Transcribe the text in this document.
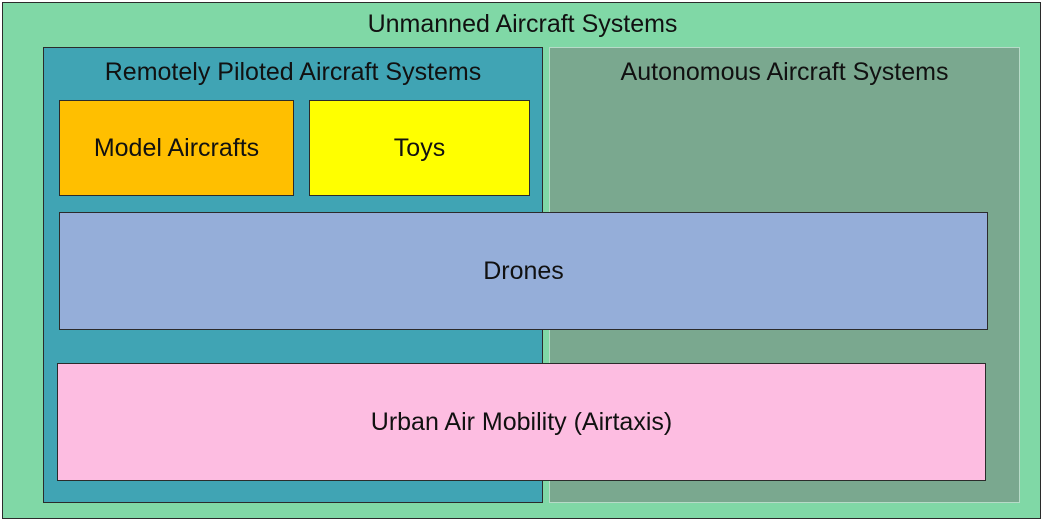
Unmanned Aircraft Systems
Remotely Piloted Aircraft Systems	Autonomous Aircraft Systems
Model Aircrafts	Toys
Drones
Urban Air Mobility (Airtaxis)
